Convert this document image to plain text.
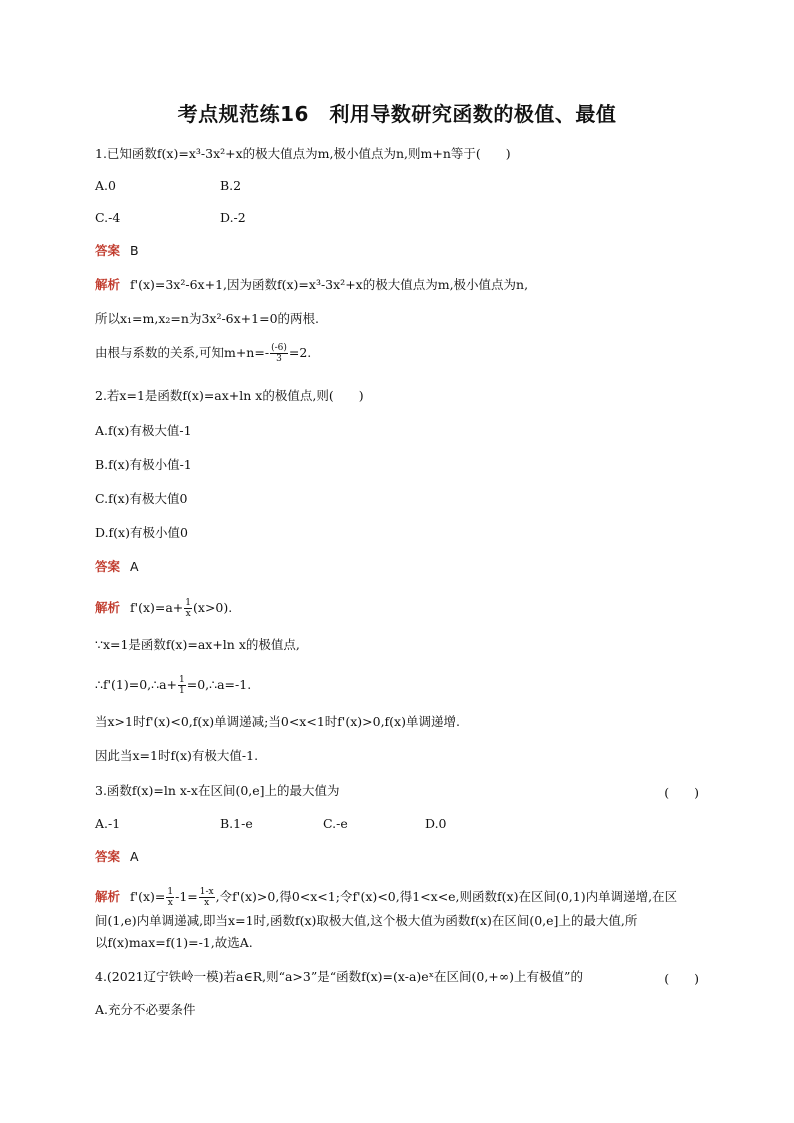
考点规范练16　利用导数研究函数的极值、最值
1.已知函数f(x)=x³-3x²+x的极大值点为m,极小值点为n,则m+n等于(　　)
A.0	B.2
C.-4	D.-2
答案 B
解析 f'(x)=3x²-6x+1,因为函数f(x)=x³-3x²+x的极大值点为m,极小值点为n,
所以x₁=m,x₂=n为3x²-6x+1=0的两根.
由根与系数的关系,可知$m+n=- \frac{(-6)}{3} =2$.
2.若x=1是函数f(x)=ax+ln x的极值点,则(　　)
A.f(x)有极大值-1
B.f(x)有极小值-1
C.f(x)有极大值0
D.f(x)有极小值0
答案 A
解析 $f'(x)=a+ \frac{1}{x} (x>0)$.
∵x=1是函数f(x)=ax+ln x的极值点,
∴f'(1)=0,∴a+ $\frac{1}{1}$ =0,∴a=-1.
当x>1时f'(x)<0,f(x)单调递减;当0<x<1时f'(x)>0,f(x)单调递增.
因此当x=1时f(x)有极大值-1.
3.函数f(x)=ln x-x在区间(0,e]上的最大值为	(　　)
A.-1	B.1-e	C.-e	D.0
答案 A
解析 $f'(x)= \frac{1}{x} -1= \frac{1-x}{x}$ ,令f'(x)>0,得0<x<1;令f'(x)<0,得1<x<e,则函数f(x)在区间(0,1)内单调递增,在区
间(1,e)内单调递减,即当x=1时,函数f(x)取极大值,这个极大值为函数f(x)在区间(0,e]上的最大值,所
以f(x)max=f(1)=-1,故选A.
4.(2021辽宁铁岭一模)若a∈R,则“a>3”是“函数f(x)=(x-a)eˣ在区间(0,+∞)上有极值”的	(　　)
A.充分不必要条件
